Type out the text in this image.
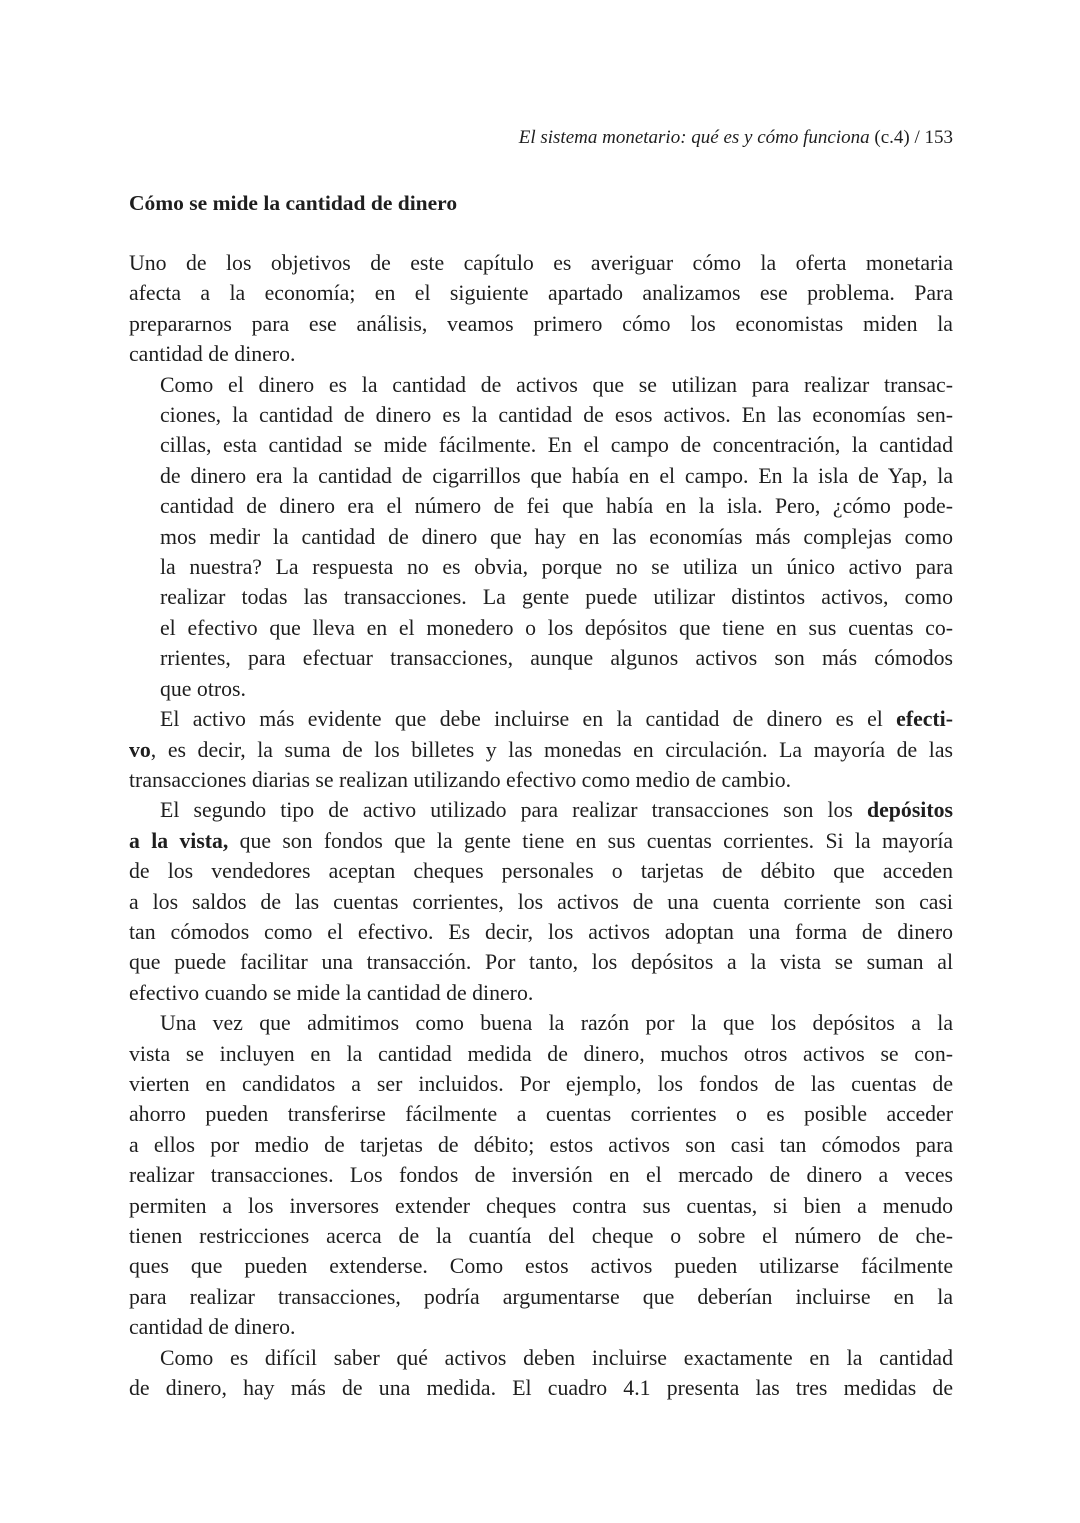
El sistema monetario: qué es y cómo funciona (c.4) / 153
Cómo se mide la cantidad de dinero

Uno de los objetivos de este capítulo es averiguar cómo la oferta monetaria
afecta a la economía; en el siguiente apartado analizamos ese problema. Para
prepararnos para ese análisis, veamos primero cómo los economistas miden la
cantidad de dinero.

Como el dinero es la cantidad de activos que se utilizan para realizar transac-
ciones, la cantidad de dinero es la cantidad de esos activos. En las economías sen-
cillas, esta cantidad se mide fácilmente. En el campo de concentración, la cantidad
de dinero era la cantidad de cigarrillos que había en el campo. En la isla de Yap, la
cantidad de dinero era el número de fei que había en la isla. Pero, ¿cómo pode-
mos medir la cantidad de dinero que hay en las economías más complejas como
la nuestra? La respuesta no es obvia, porque no se utiliza un único activo para
realizar todas las transacciones. La gente puede utilizar distintos activos, como
el efectivo que lleva en el monedero o los depósitos que tiene en sus cuentas co-
rrientes, para efectuar transacciones, aunque algunos activos son más cómodos
que otros.

El activo más evidente que debe incluirse en la cantidad de dinero es el efecti-
vo, es decir, la suma de los billetes y las monedas en circulación. La mayoría de las
transacciones diarias se realizan utilizando efectivo como medio de cambio.

El segundo tipo de activo utilizado para realizar transacciones son los depósitos
a la vista, que son fondos que la gente tiene en sus cuentas corrientes. Si la mayoría
de los vendedores aceptan cheques personales o tarjetas de débito que acceden
a los saldos de las cuentas corrientes, los activos de una cuenta corriente son casi
tan cómodos como el efectivo. Es decir, los activos adoptan una forma de dinero
que puede facilitar una transacción. Por tanto, los depósitos a la vista se suman al
efectivo cuando se mide la cantidad de dinero.

Una vez que admitimos como buena la razón por la que los depósitos a la
vista se incluyen en la cantidad medida de dinero, muchos otros activos se con-
vierten en candidatos a ser incluidos. Por ejemplo, los fondos de las cuentas de
ahorro pueden transferirse fácilmente a cuentas corrientes o es posible acceder
a ellos por medio de tarjetas de débito; estos activos son casi tan cómodos para
realizar transacciones. Los fondos de inversión en el mercado de dinero a veces
permiten a los inversores extender cheques contra sus cuentas, si bien a menudo
tienen restricciones acerca de la cuantía del cheque o sobre el número de che-
ques que pueden extenderse. Como estos activos pueden utilizarse fácilmente
para realizar transacciones, podría argumentarse que deberían incluirse en la
cantidad de dinero.

Como es difícil saber qué activos deben incluirse exactamente en la cantidad
de dinero, hay más de una medida. El cuadro 4.1 presenta las tres medidas de
